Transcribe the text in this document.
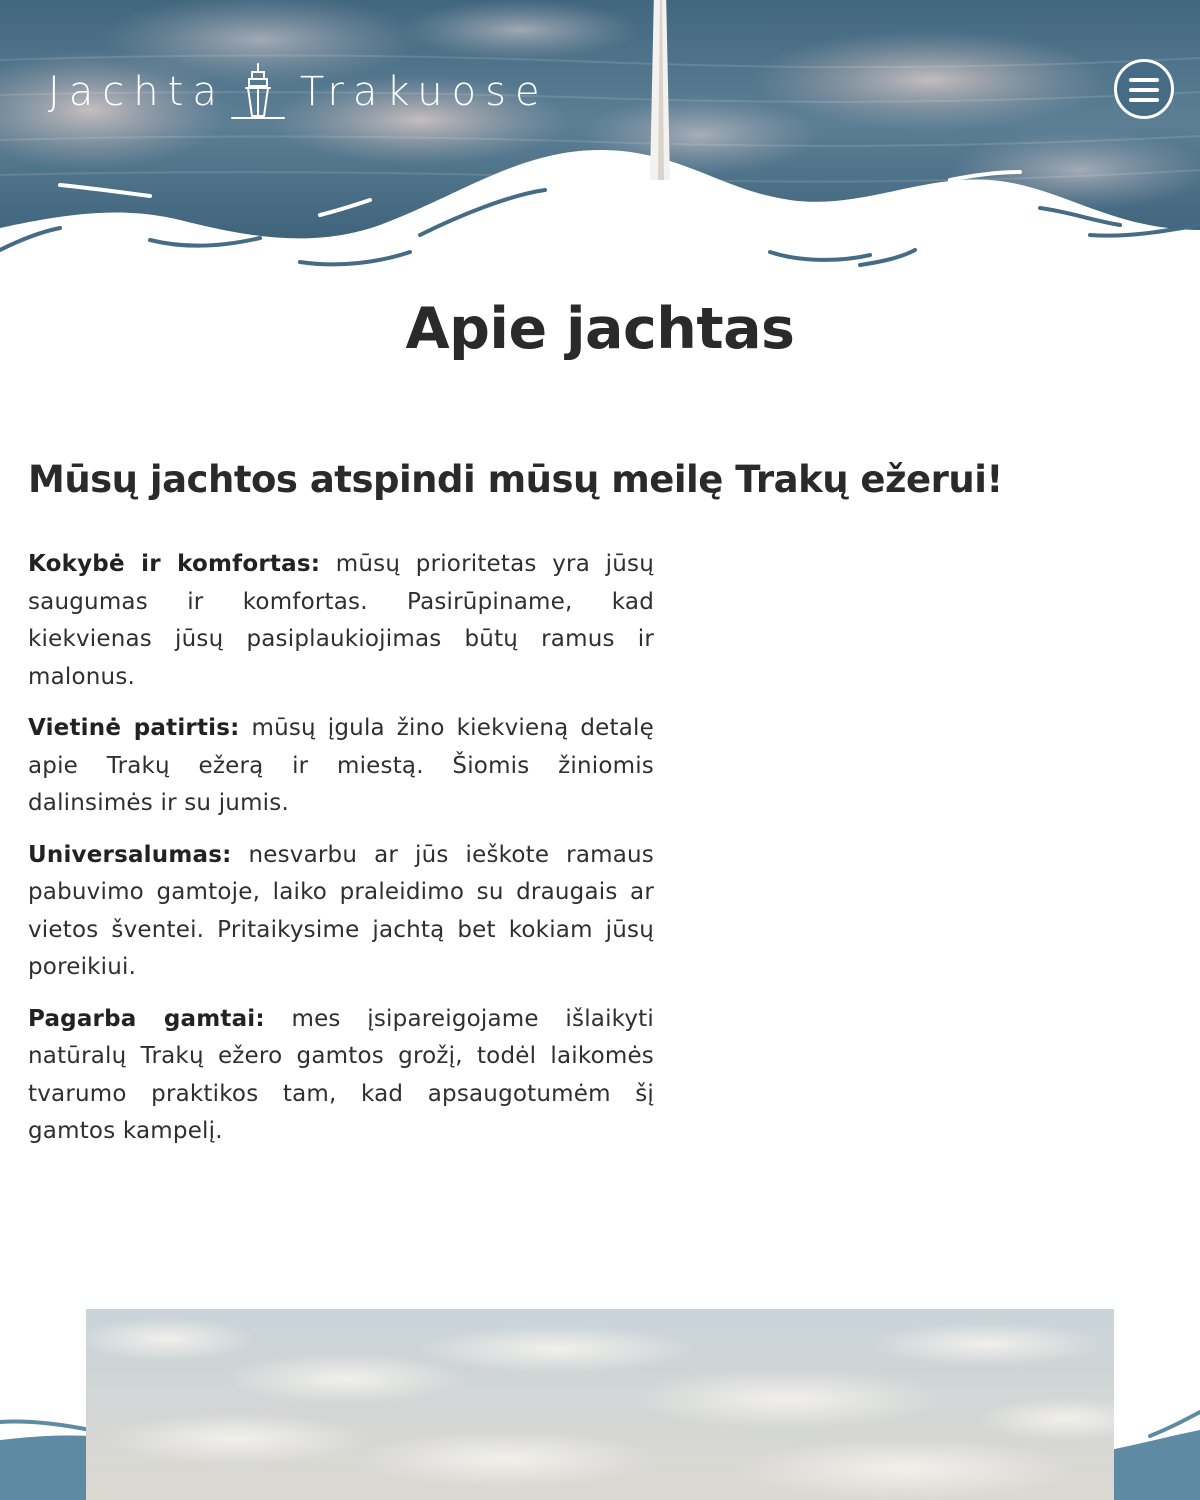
Jachta Trakuose
Apie jachtas
Mūsų jachtos atspindi mūsų meilę Trakų ežerui!

Kokybė ir komfortas: mūsų prioritetas yra jūsų saugumas ir komfortas. Pasirūpiname, kad kiekvienas jūsų pasiplaukiojimas būtų ramus ir malonus.

Vietinė patirtis: mūsų įgula žino kiekvieną detalę apie Trakų ežerą ir miestą. Šiomis žiniomis dalinsimės ir su jumis.

Universalumas: nesvarbu ar jūs ieškote ramaus pabuvimo gamtoje, laiko praleidimo su draugais ar vietos šventei. Pritaikysime jachtą bet kokiam jūsų poreikiui.

Pagarba gamtai: mes įsipareigojame išlaikyti natūralų Trakų ežero gamtos grožį, todėl laikomės tvarumo praktikos tam, kad apsaugotumėm šį gamtos kampelį.
